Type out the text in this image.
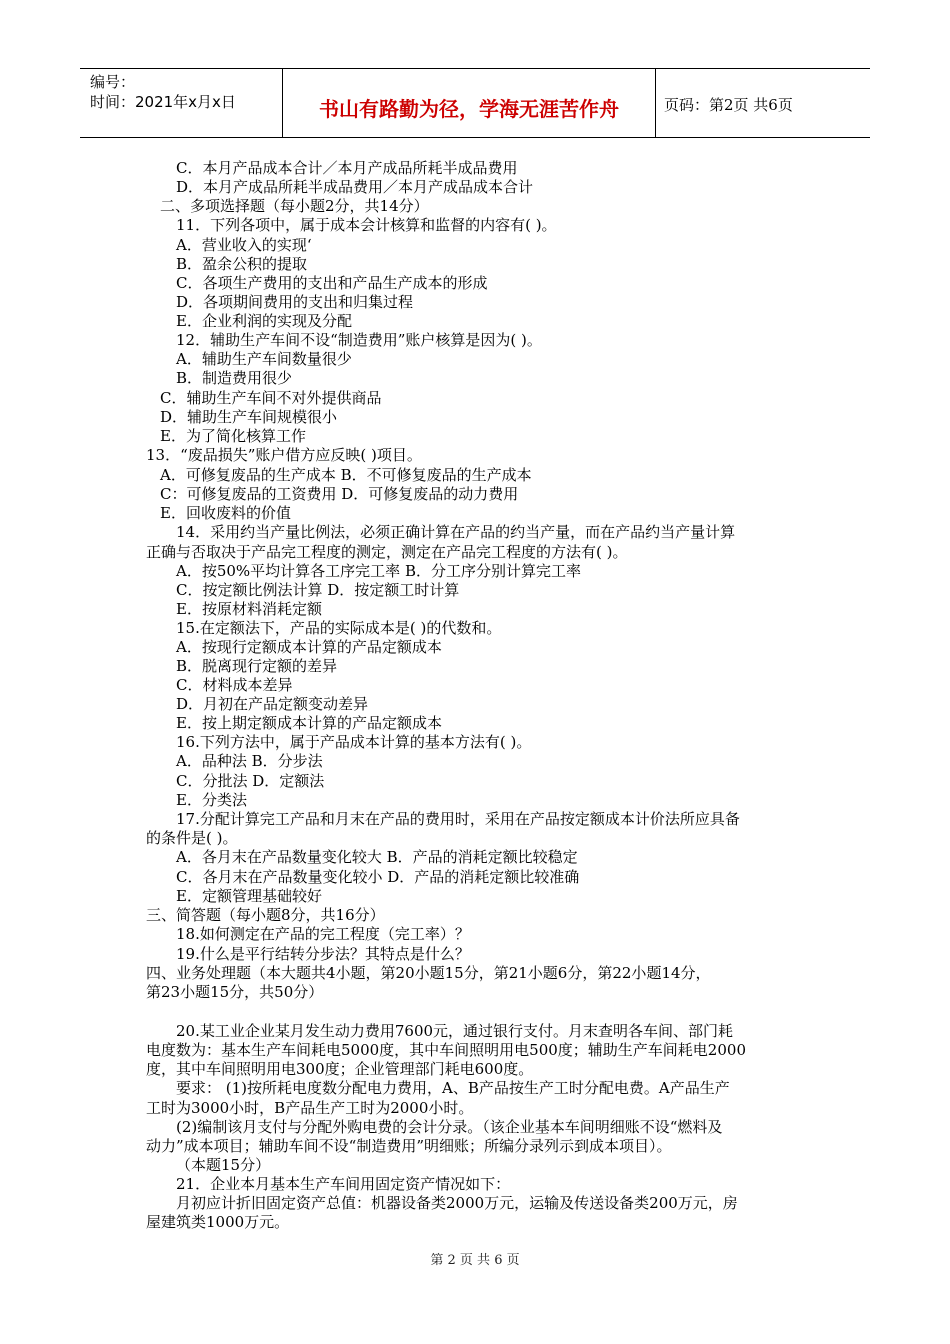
编号：
时间：2021年x月x日	书山有路勤为径，学海无涯苦作舟	页码：第2页 共6页
C．本月产品成本合计／本月产成品所耗半成品费用
D．本月产成品所耗半成品费用／本月产成品成本合计
二、多项选择题（每小题2分，共14分）
11．下列各项中，属于成本会计核算和监督的内容有( )。
A．营业收入的实现‘
B．盈余公积的提取
C．各项生产费用的支出和产品生产成本的形成
D．各项期间费用的支出和归集过程
E．企业利润的实现及分配
12．辅助生产车间不设“制造费用”账户核算是因为( )。
A．辅助生产车间数量很少
B．制造费用很少
C．辅助生产车间不对外提供商品
D．辅助生产车间规模很小
E．为了简化核算工作
13．“废品损失”账户借方应反映( )项目。
A．可修复废品的生产成本 B．不可修复废品的生产成本
C：可修复废品的工资费用 D．可修复废品的动力费用
E．回收废料的价值
14．采用约当产量比例法，必须正确计算在产品的约当产量，而在产品约当产量计算
正确与否取决于产品完工程度的测定，测定在产品完工程度的方法有( )。
A．按50%平均计算各工序完工率 B．分工序分别计算完工率
C．按定额比例法计算 D．按定额工时计算
E．按原材料消耗定额
15.在定额法下，产品的实际成本是( )的代数和。
A．按现行定额成本计算的产品定额成本
B．脱离现行定额的差异
C．材料成本差异
D．月初在产品定额变动差异
E．按上期定额成本计算的产品定额成本
16.下列方法中，属于产品成本计算的基本方法有( )。
A．品种法 B．分步法
C．分批法 D．定额法
E．分类法
17.分配计算完工产品和月末在产品的费用时，采用在产品按定额成本计价法所应具备
的条件是( )。
A．各月末在产品数量变化较大 B．产品的消耗定额比较稳定
C．各月末在产品数量变化较小 D．产品的消耗定额比较准确
E．定额管理基础较好
三、简答题（每小题8分，共16分）
18.如何测定在产品的完工程度（完工率）？
19.什么是平行结转分步法？其特点是什么？
四、业务处理题（本大题共4小题，第20小题15分，第21小题6分，第22小题14分，
第23小题15分，共50分）
20.某工业企业某月发生动力费用7600元，通过银行支付。月末查明各车间、部门耗
电度数为：基本生产车间耗电5000度，其中车间照明用电500度；辅助生产车间耗电2000
度，其中车间照明用电300度；企业管理部门耗电600度。
要求： (1)按所耗电度数分配电力费用，A、B产品按生产工时分配电费。A产品生产
工时为3000小时，B产品生产工时为2000小时。
(2)编制该月支付与分配外购电费的会计分录。（该企业基本车间明细账不设“燃料及
动力”成本项目；辅助车间不设“制造费用”明细账；所编分录列示到成本项目）。
（本题15分）
21．企业本月基本生产车间用固定资产情况如下：
月初应计折旧固定资产总值：机器设备类2000万元，运输及传送设备类200万元，房
屋建筑类1000万元。
第 2 页 共 6 页
